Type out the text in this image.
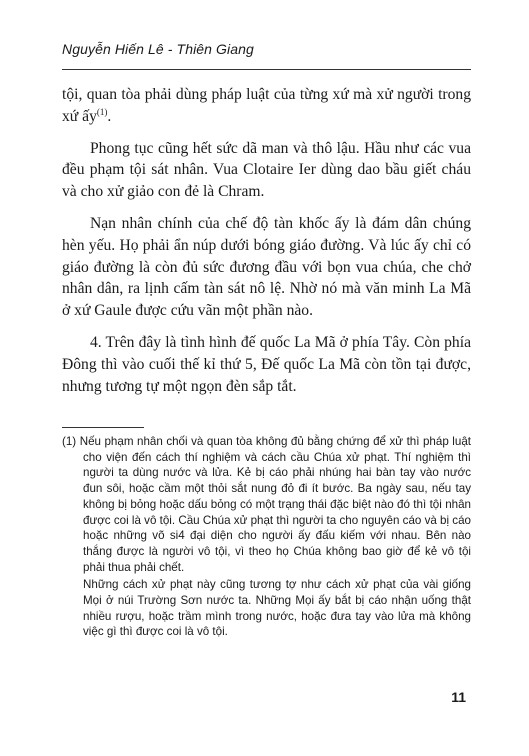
Nguyễn Hiến Lê - Thiên Giang

tội, quan tòa phải dùng pháp luật của từng xứ mà xử người trong xứ ấy$^{(1)}$.

Phong tục cũng hết sức dã man và thô lậu. Hầu như các vua đều phạm tội sát nhân. Vua Clotaire Ier dùng dao bầu giết cháu và cho xử giảo con đẻ là Chram.

Nạn nhân chính của chế độ tàn khốc ấy là đám dân chúng hèn yếu. Họ phải ẩn núp dưới bóng giáo đường. Và lúc ấy chỉ có giáo đường là còn đủ sức đương đầu với bọn vua chúa, che chở nhân dân, ra lịnh cấm tàn sát nô lệ. Nhờ nó mà văn minh La Mã ở xứ Gaule được cứu vãn một phần nào.

4. Trên đây là tình hình đế quốc La Mã ở phía Tây. Còn phía Đông thì vào cuối thế kỉ thứ 5, Đế quốc La Mã còn tồn tại được, nhưng tương tự một ngọn đèn sắp tắt.

(1) Nếu phạm nhân chối và quan tòa không đủ bằng chứng để xử thì pháp luật cho viện đến cách thí nghiệm và cách cầu Chúa xử phạt. Thí nghiệm thì người ta dùng nước và lửa. Kẻ bị cáo phải nhúng hai bàn tay vào nước đun sôi, hoặc cầm một thỏi sắt nung đỏ đi ít bước. Ba ngày sau, nếu tay không bị bỏng hoặc dấu bỏng có một trạng thái đặc biệt nào đó thì tội nhân được coi là vô tội. Cầu Chúa xử phạt thì người ta cho nguyên cáo và bị cáo hoặc những võ si4 đại diện cho người ấy đấu kiếm với nhau. Bên nào thắng được là người vô tội, vì theo họ Chúa không bao giờ để kẻ vô tội phải thua phải chết.

Những cách xử phạt này cũng tương tợ như cách xử phạt của vài giống Mọi ở núi Trường Sơn nước ta. Những Mọi ấy bắt bị cáo nhận uống thật nhiều rượu, hoặc trầm mình trong nước, hoặc đưa tay vào lửa mà không việc gì thì được coi là vô tội.

11
